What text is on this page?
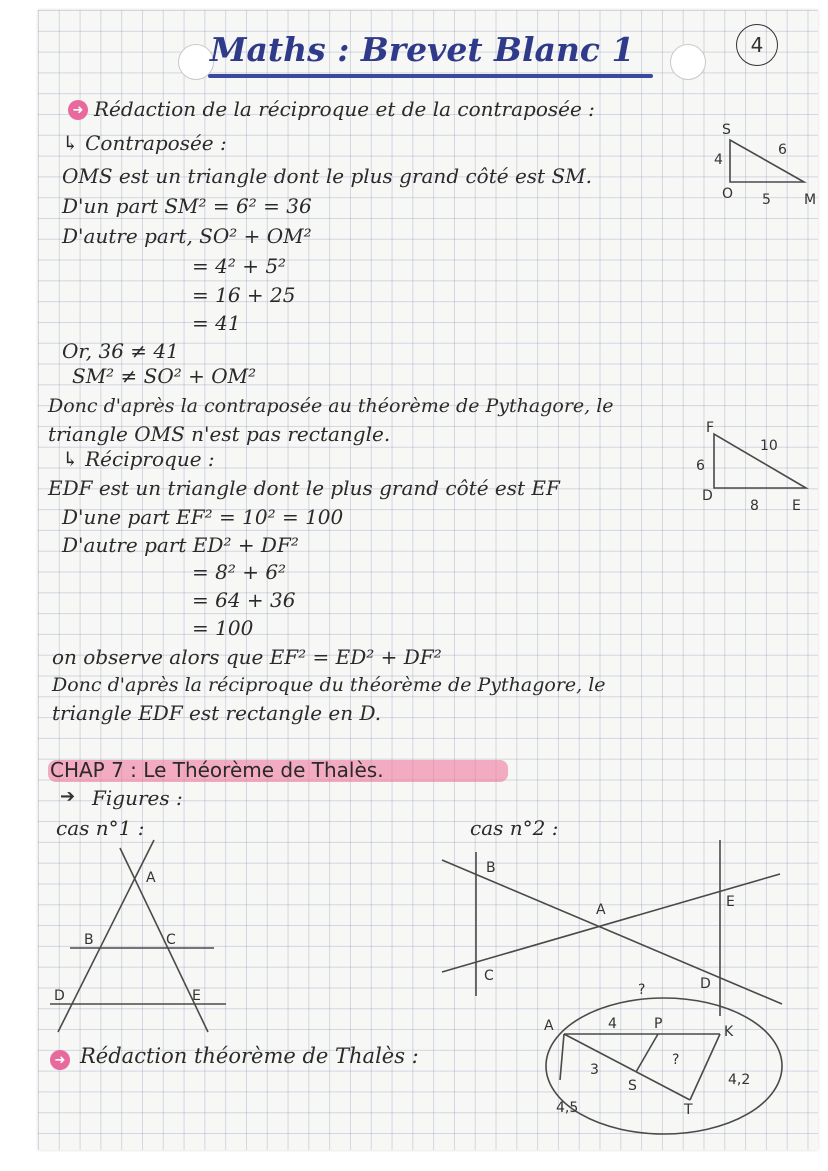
Maths : Brevet Blanc 1	4
➜ Rédaction de la réciproque et de la contraposée :
↳ Contraposée :
OMS est un triangle dont le plus grand côté est SM.
D'un part SM² = 6² = 36
D'autre part, SO² + OM²
= 4² + 5²
= 16 + 25
= 41
Or, 36 ≠ 41
SM² ≠ SO² + OM²
Donc d'après la contraposée au théorème de Pythagore, le
triangle OMS n'est pas rectangle.
S
4
6
O 5 M
↳ Réciproque :
EDF est un triangle dont le plus grand côté est EF
D'une part EF² = 10² = 100
D'autre part ED² + DF²
= 8² + 6²
= 64 + 36
= 100
on observe alors que EF² = ED² + DF²
Donc d'après la réciproque du théorème de Pythagore, le
triangle EDF est rectangle en D.
F
10
6
D
8 E
CHAP 7 : Le Théorème de Thalès.
➔ Figures :
cas n°1 :	cas n°2 :
A
B	C
D	E
B
A	E
C	D
➜ Rédaction théorème de Thalès :
A	4	P	K
?
?
3
S	4,2
4,5	T
